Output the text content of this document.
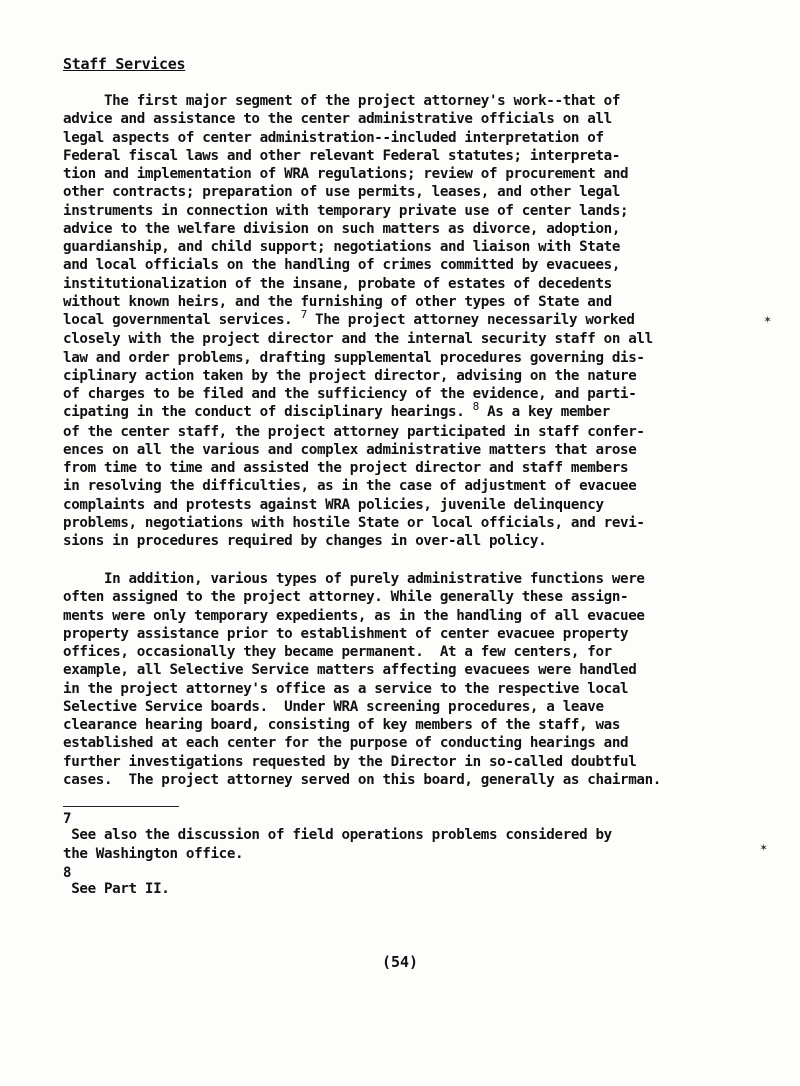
Staff Services
The first major segment of the project attorney's work--that of
advice and assistance to the center administrative officials on all
legal aspects of center administration--included interpretation of
Federal fiscal laws and other relevant Federal statutes; interpreta-
tion and implementation of WRA regulations; review of procurement and
other contracts; preparation of use permits, leases, and other legal
instruments in connection with temporary private use of center lands;
advice to the welfare division on such matters as divorce, adoption,
guardianship, and child support; negotiations and liaison with State
and local officials on the handling of crimes committed by evacuees,
institutionalization of the insane, probate of estates of decedents
without known heirs, and the furnishing of other types of State and
local governmental services. $^7$ The project attorney necessarily worked
closely with the project director and the internal security staff on all
law and order problems, drafting supplemental procedures governing dis-
ciplinary action taken by the project director, advising on the nature
of charges to be filed and the sufficiency of the evidence, and parti-
cipating in the conduct of disciplinary hearings. $^8$ As a key member
of the center staff, the project attorney participated in staff confer-
ences on all the various and complex administrative matters that arose
from time to time and assisted the project director and staff members
in resolving the difficulties, as in the case of adjustment of evacuee
complaints and protests against WRA policies, juvenile delinquency
problems, negotiations with hostile State or local officials, and revi-
sions in procedures required by changes in over-all policy.
In addition, various types of purely administrative functions were
often assigned to the project attorney. While generally these assign-
ments were only temporary expedients, as in the handling of all evacuee
property assistance prior to establishment of center evacuee property
offices, occasionally they became permanent.  At a few centers, for
example, all Selective Service matters affecting evacuees were handled
in the project attorney's office as a service to the respective local
Selective Service boards.  Under WRA screening procedures, a leave
clearance hearing board, consisting of key members of the staff, was
established at each center for the purpose of conducting hearings and
further investigations requested by the Director in so-called doubtful
cases.  The project attorney served on this board, generally as chairman.
7
See also the discussion of field operations problems considered by
the Washington office.
8
See Part II.
(54)
✶
✶
